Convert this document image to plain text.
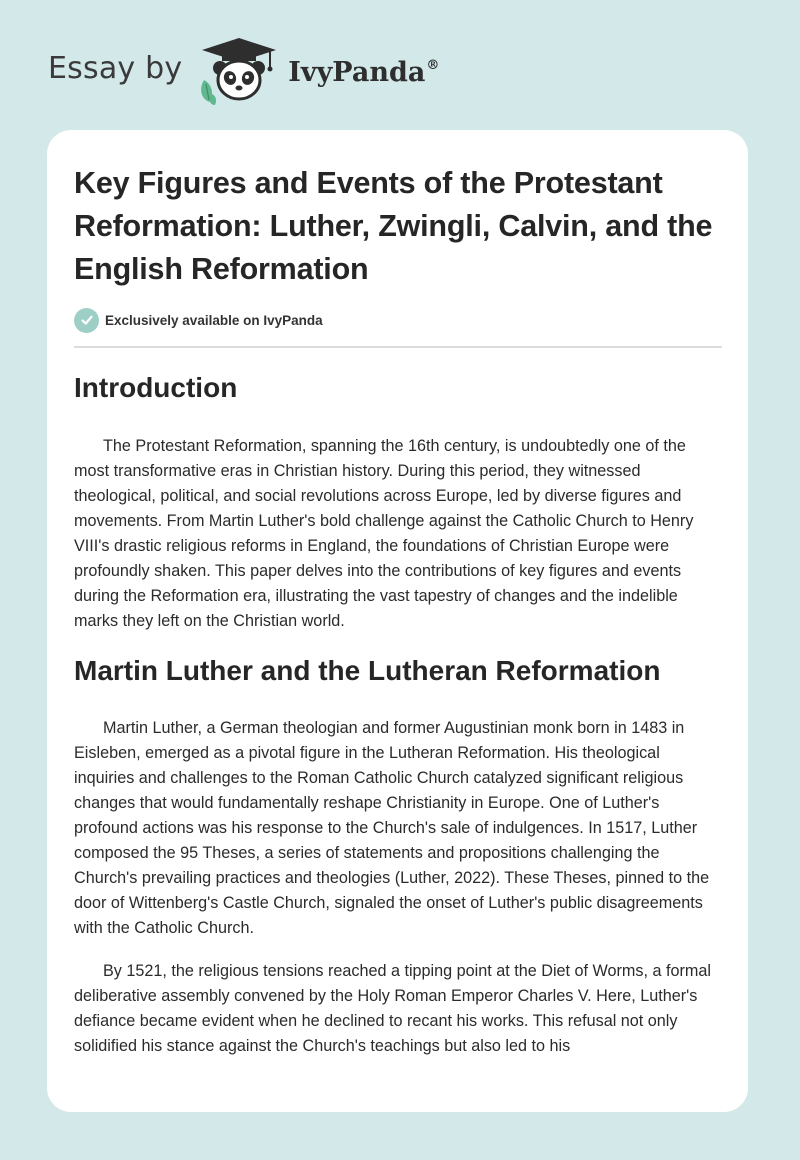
Essay by	IvyPanda®
Key Figures and Events of the Protestant Reformation: Luther, Zwingli, Calvin, and the English Reformation
Exclusively available on IvyPanda
Introduction

The Protestant Reformation, spanning the 16th century, is undoubtedly one of the most transformative eras in Christian history. During this period, they witnessed theological, political, and social revolutions across Europe, led by diverse figures and movements. From Martin Luther's bold challenge against the Catholic Church to Henry VIII's drastic religious reforms in England, the foundations of Christian Europe were profoundly shaken. This paper delves into the contributions of key figures and events during the Reformation era, illustrating the vast tapestry of changes and the indelible marks they left on the Christian world.

Martin Luther and the Lutheran Reformation

Martin Luther, a German theologian and former Augustinian monk born in 1483 in Eisleben, emerged as a pivotal figure in the Lutheran Reformation. His theological inquiries and challenges to the Roman Catholic Church catalyzed significant religious changes that would fundamentally reshape Christianity in Europe. One of Luther's profound actions was his response to the Church's sale of indulgences. In 1517, Luther composed the 95 Theses, a series of statements and propositions challenging the Church's prevailing practices and theologies (Luther, 2022). These Theses, pinned to the door of Wittenberg's Castle Church, signaled the onset of Luther's public disagreements with the Catholic Church.

By 1521, the religious tensions reached a tipping point at the Diet of Worms, a formal deliberative assembly convened by the Holy Roman Emperor Charles V. Here, Luther's defiance became evident when he declined to recant his works. This refusal not only solidified his stance against the Church's teachings but also led to his
